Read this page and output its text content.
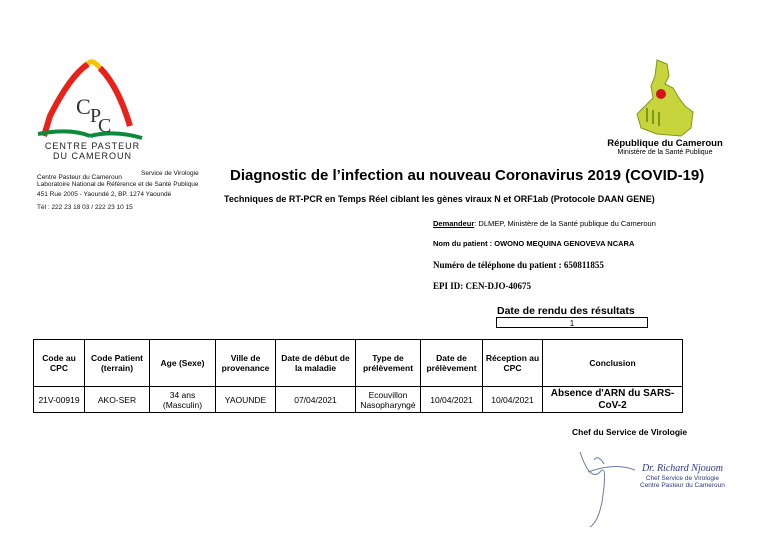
C P
C
CENTRE PASTEUR
DU CAMEROUN
Centre Pasteur du Cameroun
Service de Virologie
Laboratoire National de Référence et de Santé Publique
451 Rue 2005 - Yaoundé 2, BP. 1274 Yaoundé
Tél : 222 23 18 03 / 222 23 10 15
République du Cameroun
Ministère de la Santé Publique
Diagnostic de l’infection au nouveau Coronavirus 2019 (COVID-19)
Techniques de RT-PCR en Temps Réel ciblant les gènes viraux N et ORF1ab (Protocole DAAN GENE)
Demandeur: DLMEP, Ministère de la Santé publique du Cameroun
Nom du patient : OWONO MEQUINA GENOVEVA NCARA
Numéro de téléphone du patient : 650811855
EPI ID: CEN-DJO-40675
Date de rendu des résultats
1
Code au CPC	Code Patient (terrain)	Age (Sexe)	Ville de provenance	Date de début de la maladie	Type de prélèvement	Date de prélèvement	Réception au CPC	Conclusion
21V-00919	AKO-SER	34 ans (Masculin)	YAOUNDE	07/04/2021	Ecouvillon Nasopharyngé	10/04/2021	10/04/2021	Absence d'ARN du SARS-CoV-2
Chef du Service de Virologie
Dr. Richard Njouom
Chef Service de Virologie
Centre Pasteur du Cameroun
